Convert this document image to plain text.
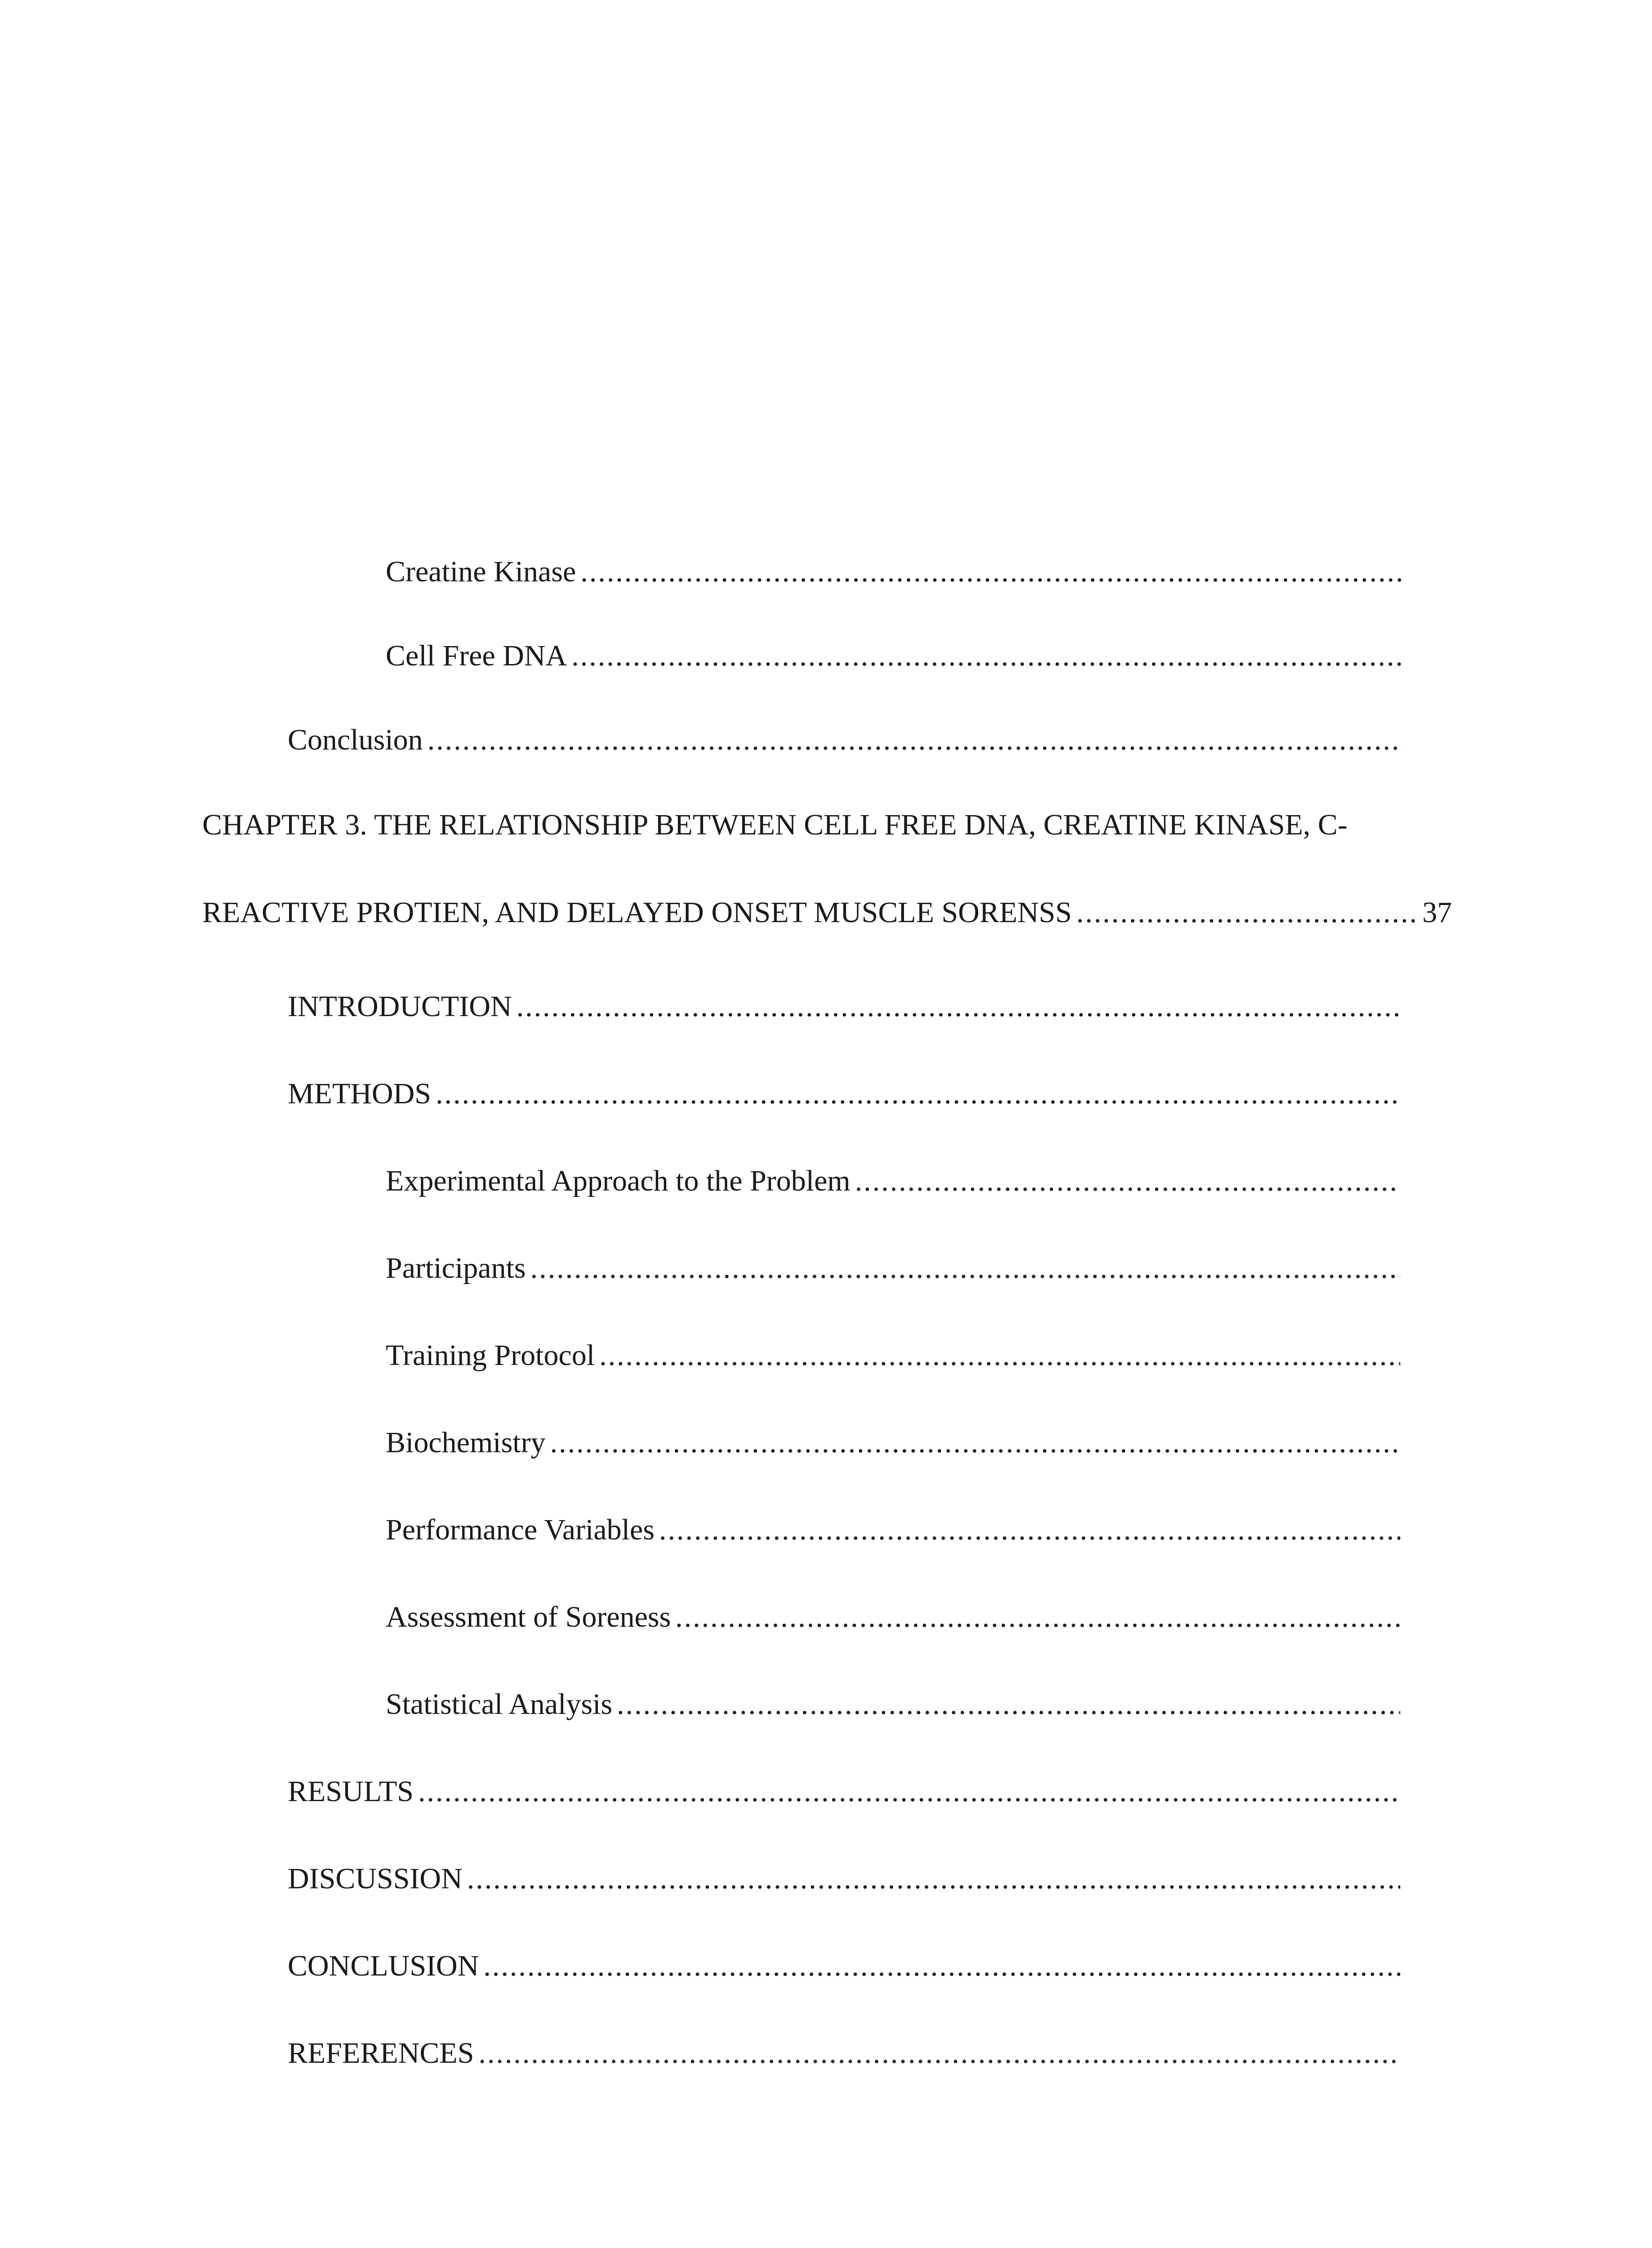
Creatine Kinase
.....
Cell Free DNA
.....
Conclusion
.....
CHAPTER 3. THE RELATIONSHIP BETWEEN CELL FREE DNA, CREATINE KINASE, C-
REACTIVE PROTIEN, AND DELAYED ONSET MUSCLE SORENSS
.....	37
INTRODUCTION
.....
METHODS
.....
Experimental Approach to the Problem
.....
Participants
.....
Training Protocol
.....
Biochemistry
.....
Performance Variables
.....
Assessment of Soreness
.....
Statistical Analysis
.....
RESULTS
.....
DISCUSSION
.....
CONCLUSION
.....
REFERENCES
.....
